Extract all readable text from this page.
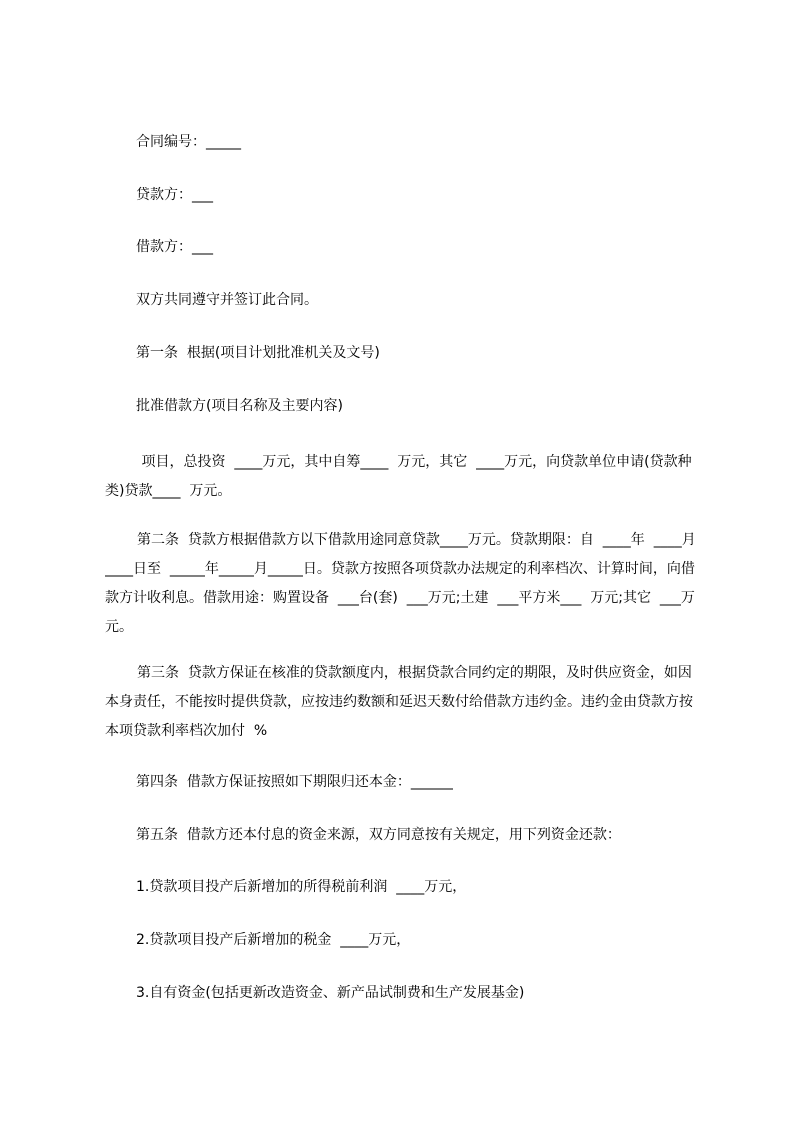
合同编号：_____
贷款方：___
借款方：___
双方共同遵守并签订此合同。
第一条  根据(项目计划批准机关及文号)
批准借款方(项目名称及主要内容)
项目，总投资  ____万元，其中自筹____  万元，其它  ____万元，向贷款单位申请(贷款种类)贷款____  万元。
第二条  贷款方根据借款方以下借款用途同意贷款____万元。贷款期限：自  ____年  ____月____日至  _____年_____月_____日。贷款方按照各项贷款办法规定的利率档次、计算时间，向借款方计收利息。借款用途：购置设备  ___台(套)  ___万元;土建  ___平方米___  万元;其它  ___万元。
第三条  贷款方保证在核准的贷款额度内，根据贷款合同约定的期限，及时供应资金，如因本身责任，不能按时提供贷款，应按违约数额和延迟天数付给借款方违约金。违约金由贷款方按本项贷款利率档次加付  %
第四条  借款方保证按照如下期限归还本金：______
第五条  借款方还本付息的资金来源，双方同意按有关规定，用下列资金还款：
1.贷款项目投产后新增加的所得税前利润  ____万元，
2.贷款项目投产后新增加的税金  ____万元，
3.自有资金(包括更新改造资金、新产品试制费和生产发展基金)
